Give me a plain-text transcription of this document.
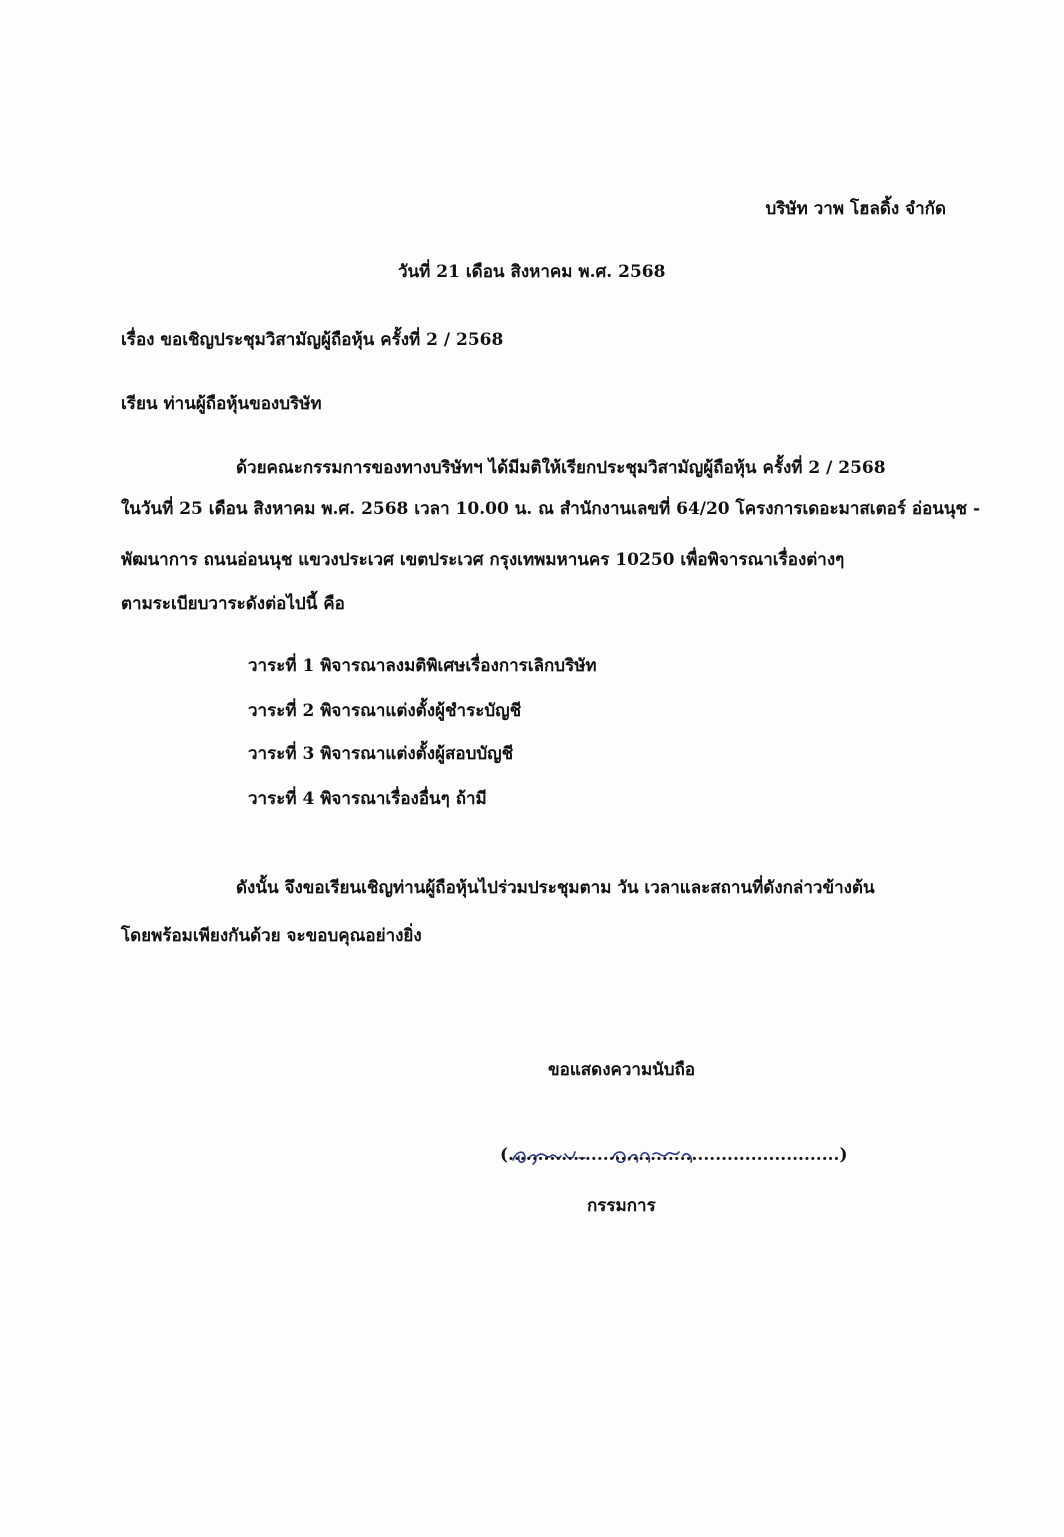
บริษัท วาพ โฮลดิ้ง จำกัด
วันที่ 21 เดือน สิงหาคม พ.ศ. 2568
เรื่อง ขอเชิญประชุมวิสามัญผู้ถือหุ้น ครั้งที่ 2 / 2568
เรียน ท่านผู้ถือหุ้นของบริษัท
ด้วยคณะกรรมการของทางบริษัทฯ ได้มีมติให้เรียกประชุมวิสามัญผู้ถือหุ้น ครั้งที่ 2 / 2568
ในวันที่ 25 เดือน สิงหาคม พ.ศ. 2568 เวลา 10.00 น. ณ สำนักงานเลขที่ 64/20 โครงการเดอะมาสเตอร์ อ่อนนุช -
พัฒนาการ ถนนอ่อนนุช แขวงประเวศ เขตประเวศ กรุงเทพมหานคร 10250 เพื่อพิจารณาเรื่องต่างๆ
ตามระเบียบวาระดังต่อไปนี้ คือ
วาระที่ 1 พิจารณาลงมติพิเศษเรื่องการเลิกบริษัท
วาระที่ 2 พิจารณาแต่งตั้งผู้ชำระบัญชี
วาระที่ 3 พิจารณาแต่งตั้งผู้สอบบัญชี
วาระที่ 4 พิจารณาเรื่องอื่นๆ ถ้ามี
ดังนั้น จึงขอเรียนเชิญท่านผู้ถือหุ้นไปร่วมประชุมตาม วัน เวลาและสถานที่ดังกล่าวข้างต้น
โดยพร้อมเพียงกันด้วย จะขอบคุณอย่างยิ่ง
ขอแสดงความนับถือ
(........................................................)
กรรมการ
